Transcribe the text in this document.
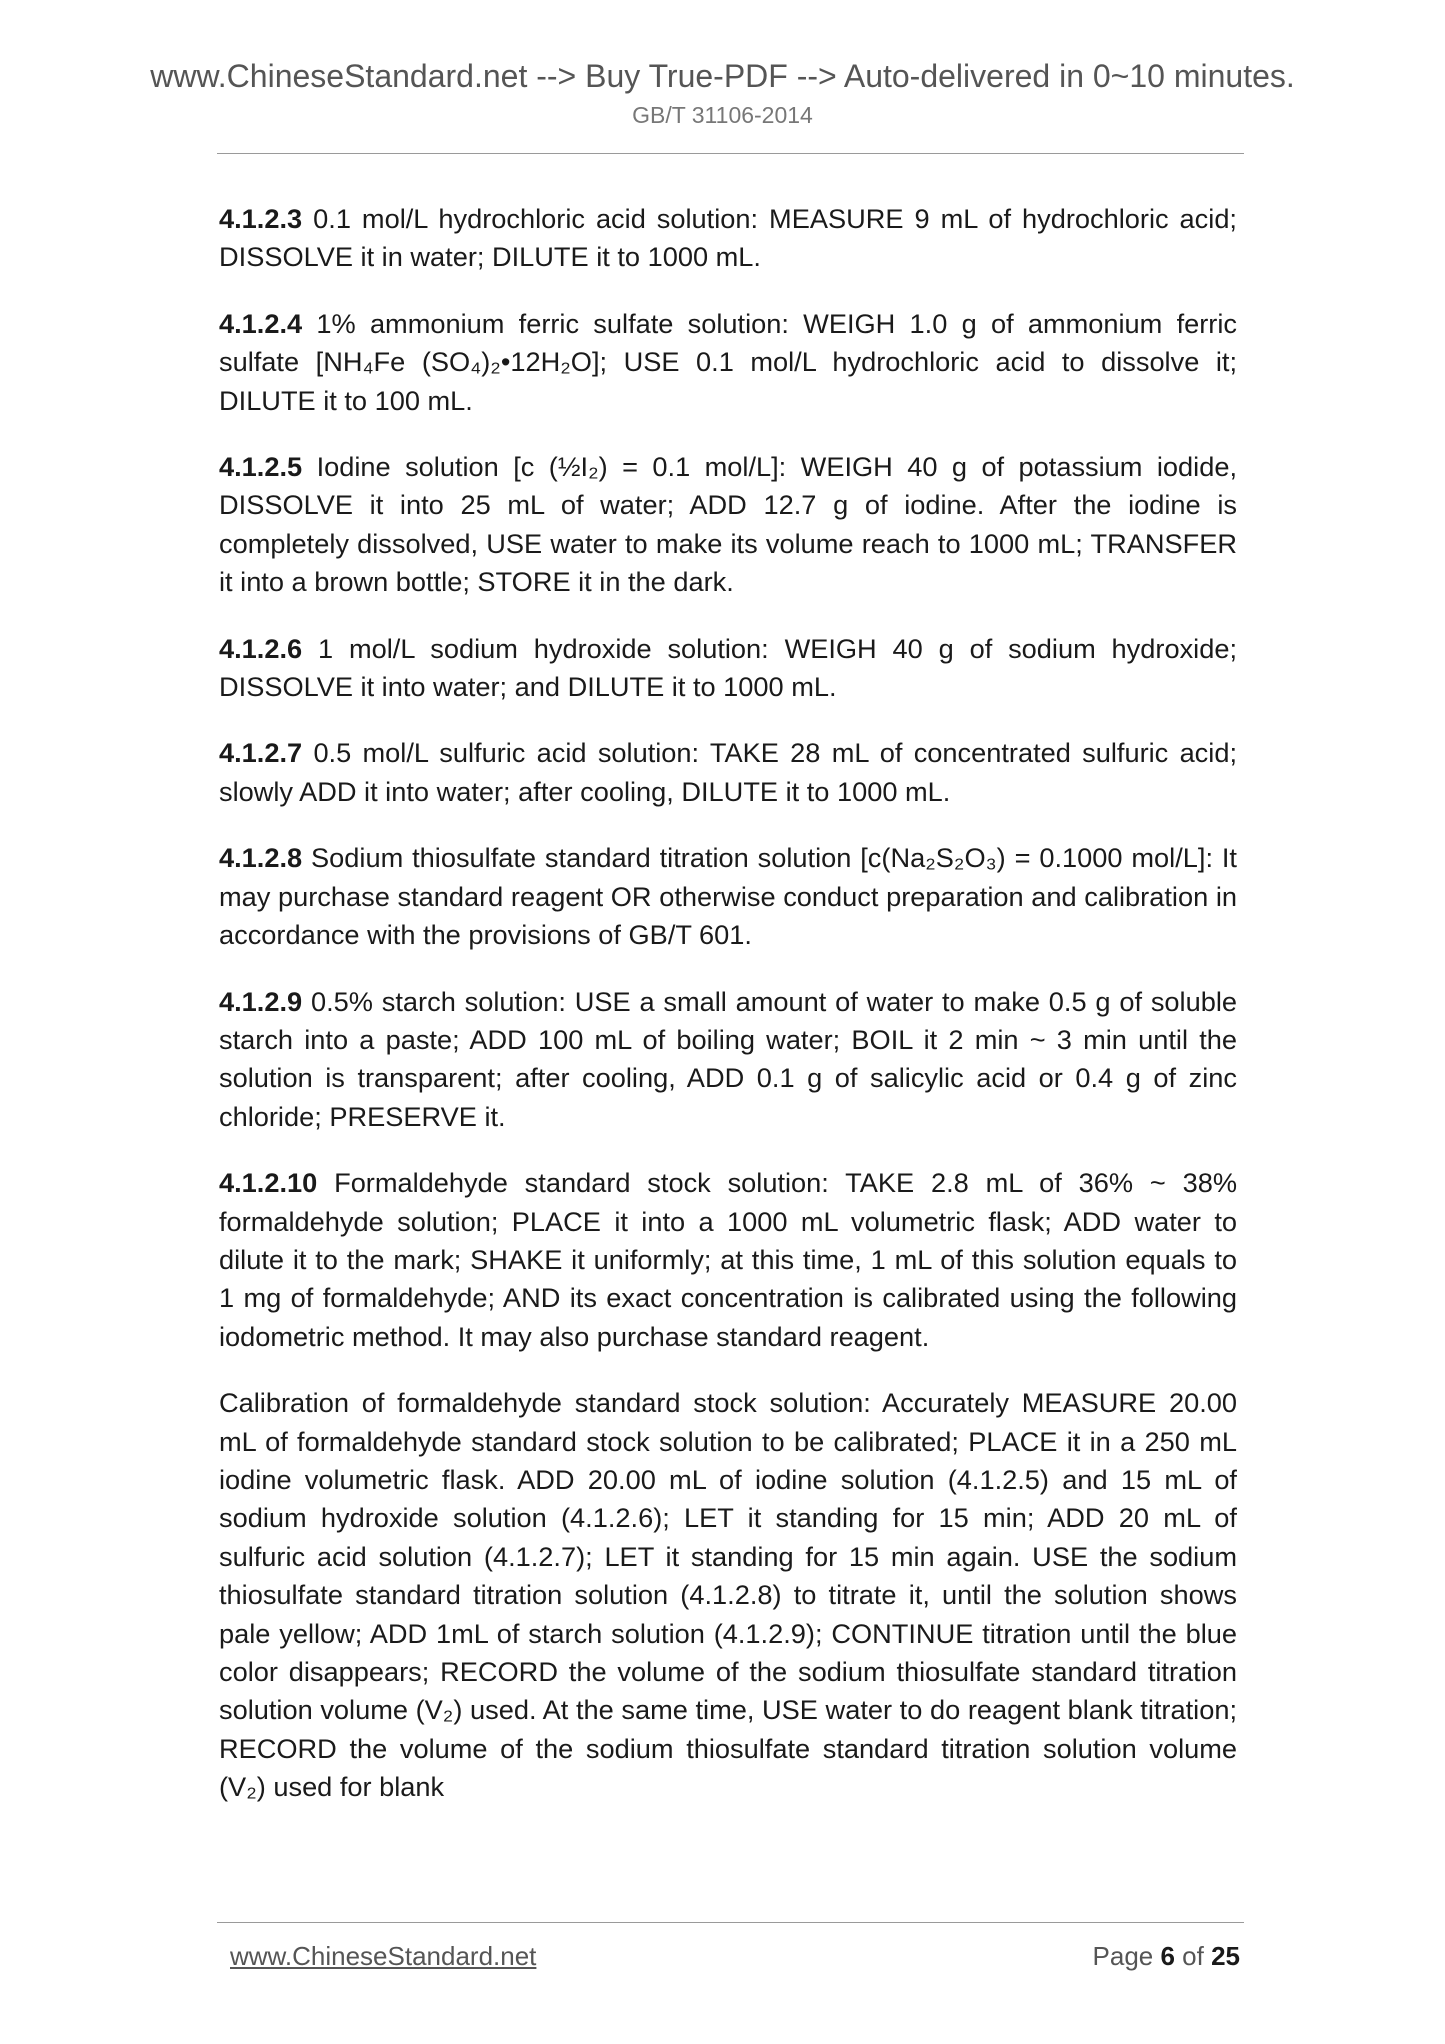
www.ChineseStandard.net --> Buy True-PDF --> Auto-delivered in 0~10 minutes.

GB/T 31106-2014

4.1.2.3 0.1 mol/L hydrochloric acid solution: MEASURE 9 mL of hydrochloric acid; DISSOLVE it in water; DILUTE it to 1000 mL.

4.1.2.4 1% ammonium ferric sulfate solution: WEIGH 1.0 g of ammonium ferric sulfate [NH₄Fe (SO₄)₂•12H₂O]; USE 0.1 mol/L hydrochloric acid to dissolve it; DILUTE it to 100 mL.

4.1.2.5 Iodine solution [c (½I₂) = 0.1 mol/L]: WEIGH 40 g of potassium iodide, DISSOLVE it into 25 mL of water; ADD 12.7 g of iodine. After the iodine is completely dissolved, USE water to make its volume reach to 1000 mL; TRANSFER it into a brown bottle; STORE it in the dark.

4.1.2.6 1 mol/L sodium hydroxide solution: WEIGH 40 g of sodium hydroxide; DISSOLVE it into water; and DILUTE it to 1000 mL.

4.1.2.7 0.5 mol/L sulfuric acid solution: TAKE 28 mL of concentrated sulfuric acid; slowly ADD it into water; after cooling, DILUTE it to 1000 mL.

4.1.2.8 Sodium thiosulfate standard titration solution [c(Na₂S₂O₃) = 0.1000 mol/L]: It may purchase standard reagent OR otherwise conduct preparation and calibration in accordance with the provisions of GB/T 601.

4.1.2.9 0.5% starch solution: USE a small amount of water to make 0.5 g of soluble starch into a paste; ADD 100 mL of boiling water; BOIL it 2 min ~ 3 min until the solution is transparent; after cooling, ADD 0.1 g of salicylic acid or 0.4 g of zinc chloride; PRESERVE it.

4.1.2.10 Formaldehyde standard stock solution: TAKE 2.8 mL of 36% ~ 38% formaldehyde solution; PLACE it into a 1000 mL volumetric flask; ADD water to dilute it to the mark; SHAKE it uniformly; at this time, 1 mL of this solution equals to 1 mg of formaldehyde; AND its exact concentration is calibrated using the following iodometric method. It may also purchase standard reagent.

Calibration of formaldehyde standard stock solution: Accurately MEASURE 20.00 mL of formaldehyde standard stock solution to be calibrated; PLACE it in a 250 mL iodine volumetric flask. ADD 20.00 mL of iodine solution (4.1.2.5) and 15 mL of sodium hydroxide solution (4.1.2.6); LET it standing for 15 min; ADD 20 mL of sulfuric acid solution (4.1.2.7); LET it standing for 15 min again. USE the sodium thiosulfate standard titration solution (4.1.2.8) to titrate it, until the solution shows pale yellow; ADD 1mL of starch solution (4.1.2.9); CONTINUE titration until the blue color disappears; RECORD the volume of the sodium thiosulfate standard titration solution volume (V₂) used. At the same time, USE water to do reagent blank titration; RECORD the volume of the sodium thiosulfate standard titration solution volume (V₂) used for blank

www.ChineseStandard.net	Page 6 of 25
